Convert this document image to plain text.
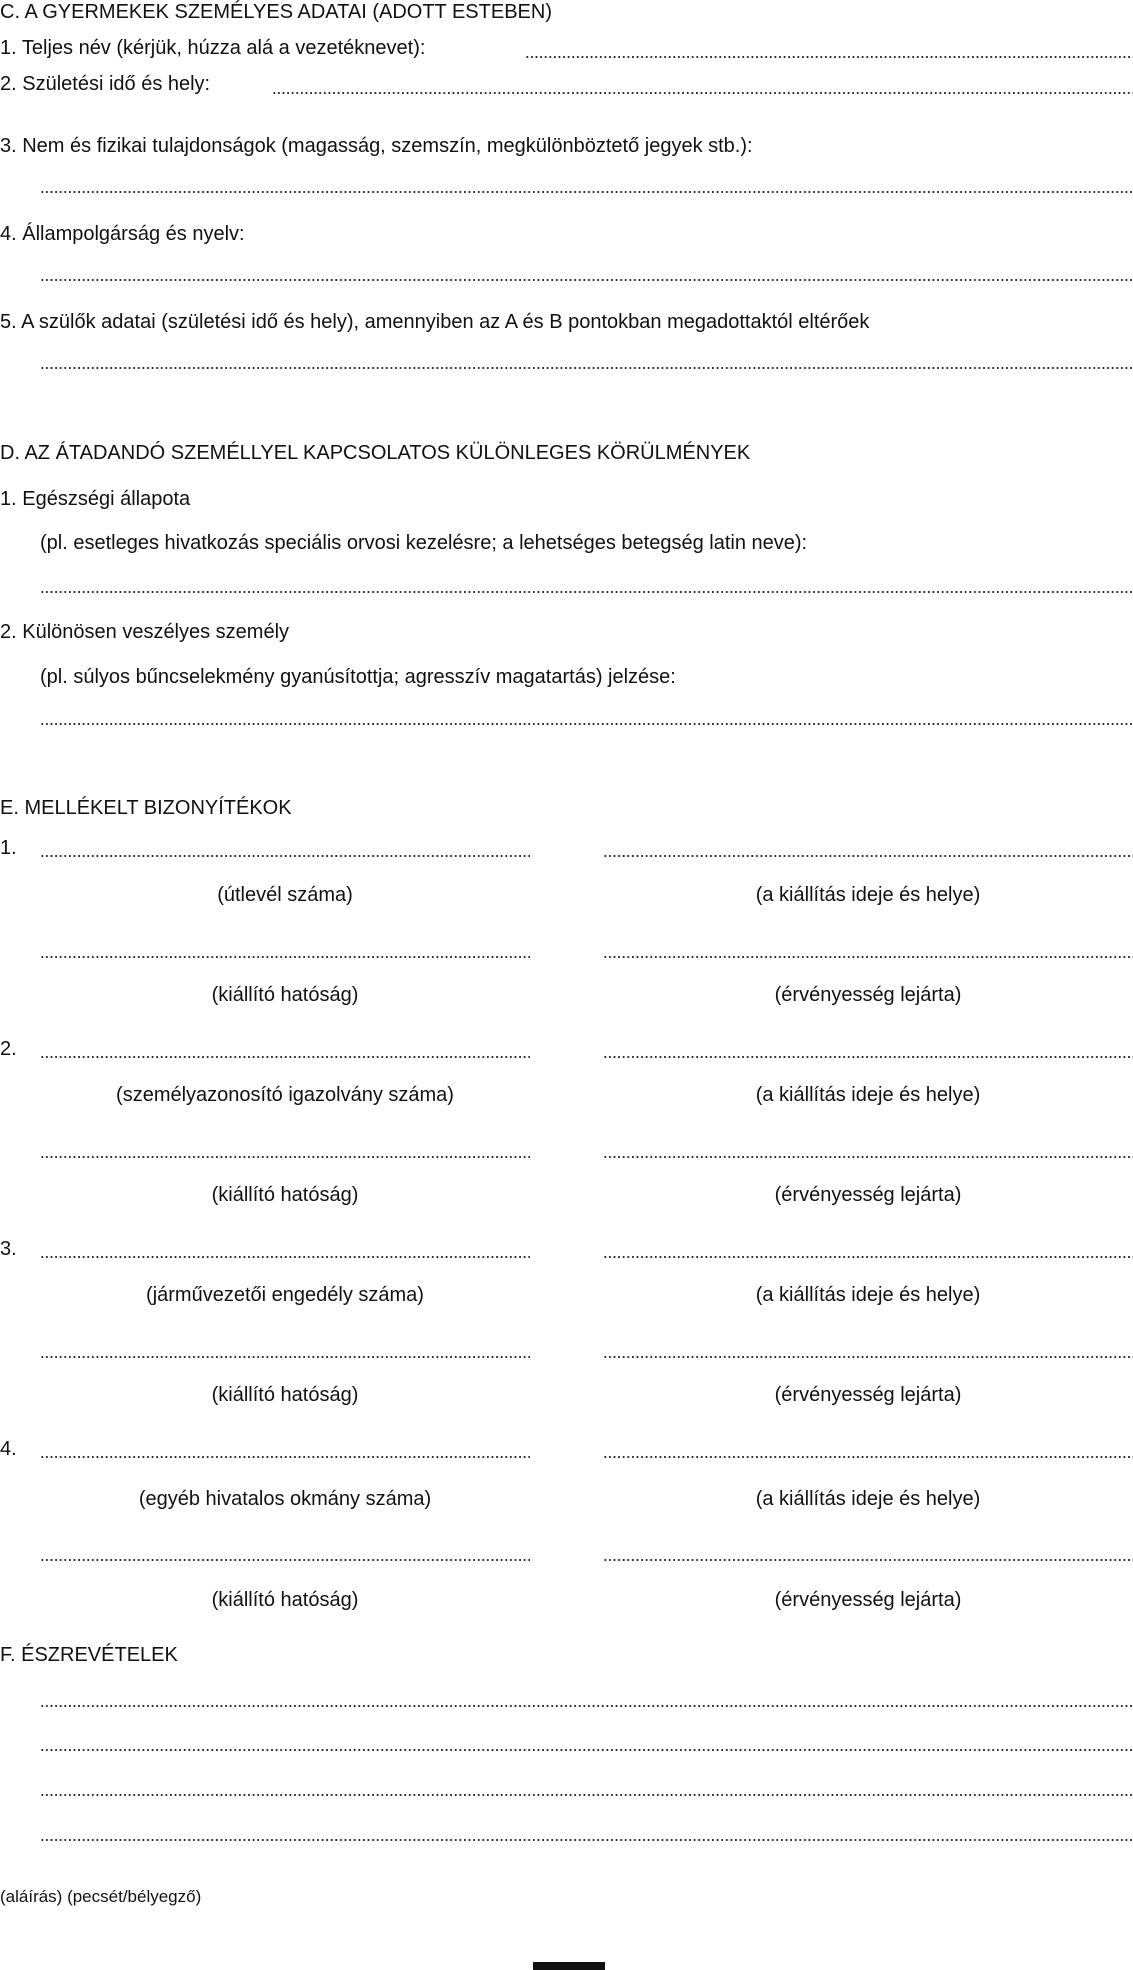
C. A GYERMEKEK SZEMÉLYES ADATAI (ADOTT ESTEBEN)
1. Teljes név (kérjük, húzza alá a vezetéknevet):
2. Születési idő és hely:
3. Nem és fizikai tulajdonságok (magasság, szemszín, megkülönböztető jegyek stb.):
4. Állampolgárság és nyelv:
5. A szülők adatai (születési idő és hely), amennyiben az A és B pontokban megadottaktól eltérőek
D. AZ ÁTADANDÓ SZEMÉLLYEL KAPCSOLATOS KÜLÖNLEGES KÖRÜLMÉNYEK
1. Egészségi állapota
(pl. esetleges hivatkozás speciális orvosi kezelésre; a lehetséges betegség latin neve):
2. Különösen veszélyes személy
(pl. súlyos bűncselekmény gyanúsítottja; agresszív magatartás) jelzése:
E. MELLÉKELT BIZONYÍTÉKOK
1.
(útlevél száma)	(a kiállítás ideje és helye)
(kiállító hatóság)	(érvényesség lejárta)
2.
(személyazonosító igazolvány száma)	(a kiállítás ideje és helye)
(kiállító hatóság)	(érvényesség lejárta)
3.
(járművezetői engedély száma)	(a kiállítás ideje és helye)
(kiállító hatóság)	(érvényesség lejárta)
4.
(egyéb hivatalos okmány száma)	(a kiállítás ideje és helye)
(kiállító hatóság)	(érvényesség lejárta)
F. ÉSZREVÉTELEK
(aláírás) (pecsét/bélyegző)
